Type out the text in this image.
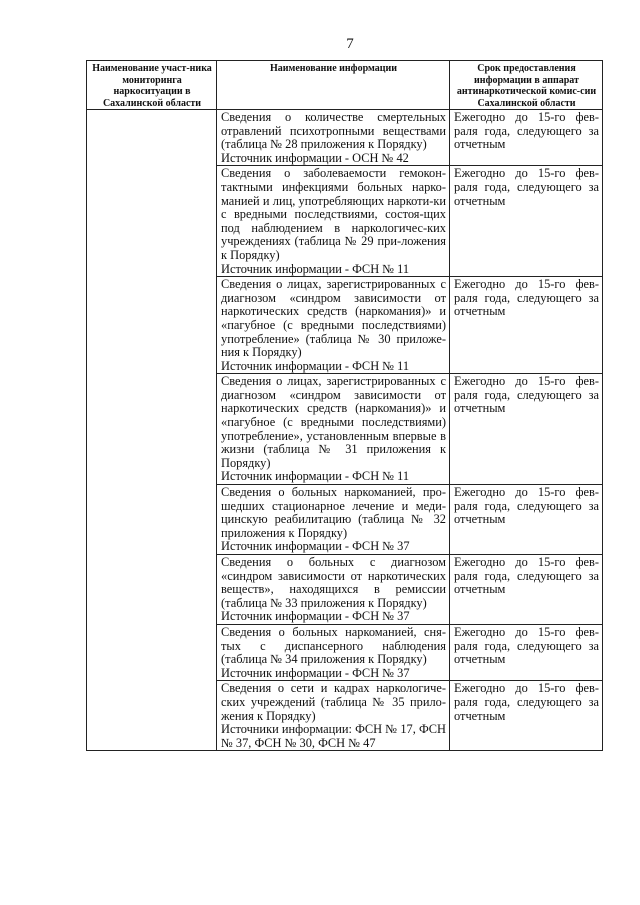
7
Наименование участ-ника мониторинга наркоситуации в Сахалинской области	Наименование информации	Срок предоставления информации в аппарат антинаркотической комис-сии Сахалинской области

	Сведения о количестве смертельных отравлений психотропными веществами (таблица № 28 приложения к Порядку)
Источник информации - ОСН № 42	Ежегодно до 15-го фев-раля года, следующего за отчетным

	Сведения о заболеваемости гемокон-тактными инфекциями больных нарко-манией и лиц, употребляющих наркоти-ки с вредными последствиями, состоя-щих под наблюдением в наркологичес-ких учреждениях (таблица № 29 при-ложения к Порядку)
Источник информации - ФСН № 11	Ежегодно до 15-го фев-раля года, следующего за отчетным

	Сведения о лицах, зарегистрированных с диагнозом «синдром зависимости от наркотических средств (наркомания)» и «пагубное (с вредными последствиями) употребление» (таблица № 30 приложе-ния к Порядку)
Источник информации - ФСН № 11	Ежегодно до 15-го фев-раля года, следующего за отчетным

	Сведения о лицах, зарегистрированных с диагнозом «синдром зависимости от наркотических средств (наркомания)» и «пагубное (с вредными последствиями) употребление», установленным впервые в жизни (таблица № 31 приложения к Порядку)
Источник информации - ФСН № 11	Ежегодно до 15-го фев-раля года, следующего за отчетным

	Сведения о больных наркоманией, про-шедших стационарное лечение и меди-цинскую реабилитацию (таблица № 32 приложения к Порядку)
Источник информации - ФСН № 37	Ежегодно до 15-го фев-раля года, следующего за отчетным

	Сведения о больных с диагнозом «синдром зависимости от наркотических веществ», находящихся в ремиссии (таблица № 33 приложения к Порядку)
Источник информации - ФСН № 37	Ежегодно до 15-го фев-раля года, следующего за отчетным

	Сведения о больных наркоманией, сня-тых с диспансерного наблюдения (таблица № 34 приложения к Порядку)
Источник информации - ФСН № 37	Ежегодно до 15-го фев-раля года, следующего за отчетным

	Сведения о сети и кадрах наркологиче-ских учреждений (таблица № 35 прило-жения к Порядку)
Источники информации: ФСН № 17, ФСН № 37, ФСН № 30, ФСН № 47	Ежегодно до 15-го фев-раля года, следующего за отчетным
